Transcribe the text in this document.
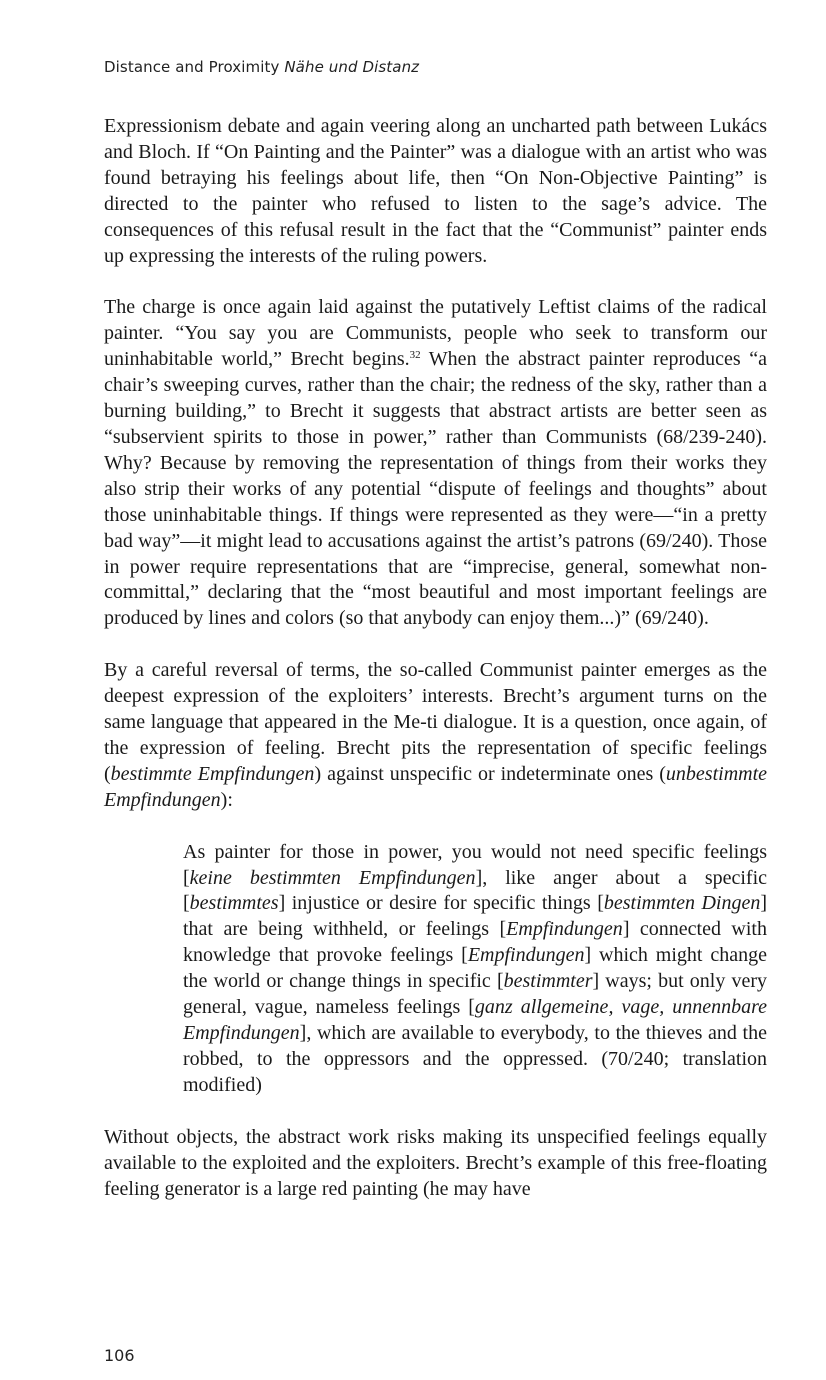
Distance and Proximity Nähe und Distanz

Expressionism debate and again veering along an uncharted path between Lukács and Bloch. If “On Painting and the Painter” was a dialogue with an artist who was found betraying his feelings about life, then “On Non-Objective Painting” is directed to the painter who refused to listen to the sage’s advice. The consequences of this refusal result in the fact that the “Communist” painter ends up expressing the interests of the ruling powers.

The charge is once again laid against the putatively Leftist claims of the radical painter. “You say you are Communists, people who seek to transform our uninhabitable world,” Brecht begins.$^{32}$ When the abstract painter reproduces “a chair’s sweeping curves, rather than the chair; the redness of the sky, rather than a burning building,” to Brecht it suggests that abstract artists are better seen as “subservient spirits to those in power,” rather than Communists (68/239-240). Why? Because by removing the representation of things from their works they also strip their works of any potential “dispute of feelings and thoughts” about those uninhabitable things. If things were represented as they were—“in a pretty bad way”—it might lead to accusations against the artist’s patrons (69/240). Those in power require representations that are “imprecise, general, somewhat non-committal,” declaring that the “most beautiful and most important feelings are produced by lines and colors (so that anybody can enjoy them...)” (69/240).

By a careful reversal of terms, the so-called Communist painter emerges as the deepest expression of the exploiters’ interests. Brecht’s argument turns on the same language that appeared in the Me-ti dialogue. It is a question, once again, of the expression of feeling. Brecht pits the representation of specific feelings (bestimmte Empfindungen) against unspecific or indeterminate ones (unbestimmte Empfindungen):

As painter for those in power, you would not need specific feelings [keine bestimmten Empfindungen], like anger about a specific [bestimmtes] injustice or desire for specific things [bestimmten Dingen] that are being withheld, or feelings [Empfindungen] connected with knowledge that provoke feelings [Empfindungen] which might change the world or change things in specific [bestimmter] ways; but only very general, vague, nameless feelings [ganz allgemeine, vage, unnennbare Empfindungen], which are available to everybody, to the thieves and the robbed, to the oppressors and the oppressed. (70/240; translation modified)

Without objects, the abstract work risks making its unspecified feelings equally available to the exploited and the exploiters. Brecht’s example of this free-floating feeling generator is a large red painting (he may have

106
